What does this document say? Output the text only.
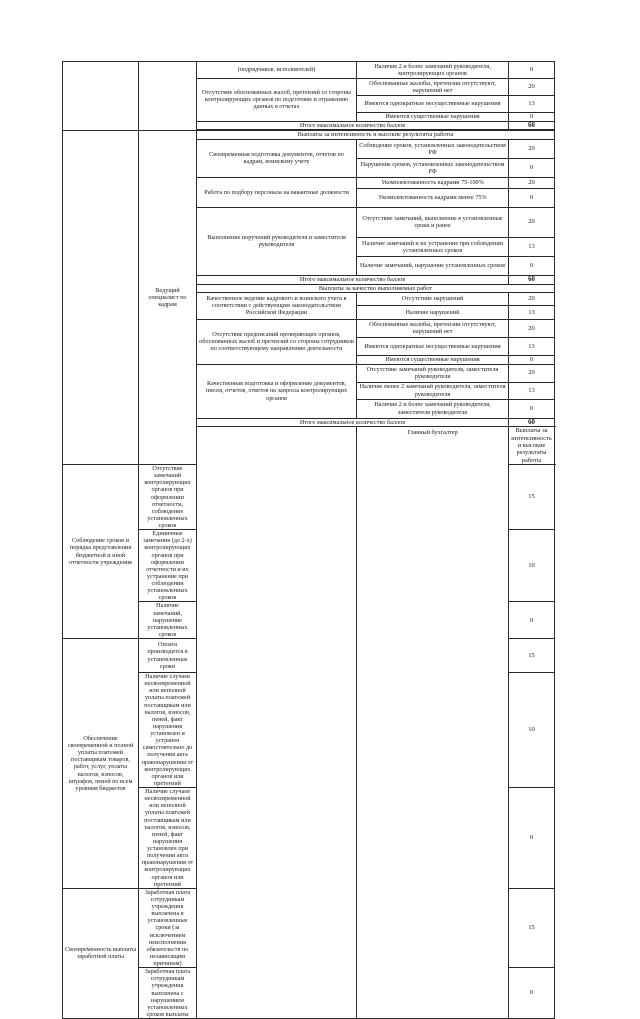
		(подрядчиков, исполнителей)	Наличие 2 и более замечаний руководителя, контролирующих органов	0
		Отсутствие обоснованных жалоб, претензий со стороны контролирующих органов по подготовке и отражению данных в отчетах	Обоснованные жалобы, претензии отсутствуют, нарушений нет	20
			Имеются однократные несущественные нарушения	13
			Имеются существенные нарушения	0
		Итого максимальное количество баллов		60

	Ведущий специалист по кадрам	Выплаты за интенсивность и высокие результаты работы		
		Своевременная подготовка документов, отчетов по кадрам, воинскому учету	Соблюдение сроков, установленных законодательством РФ	20
			Нарушение сроков, установленных законодательством РФ	0
		Работа по подбору персонала на вакантные должности	Укомплектованность кадрами 75-100%	20
			Укомплектованность кадрами менее 75%	0
		Выполнение поручений руководителя и заместителя руководителя	Отсутствие замечаний, выполнение в установленные сроки и ранее	20
			Наличие замечаний и их устранение при соблюдении установленных сроков	13
			Наличие замечаний, нарушение установленных сроков	0
		Итого максимальное количество баллов		60
		Выплаты за качество выполняемых работ		
		Качественное ведение кадрового и воинского учета в соответствии с действующим законодательством Российской Федерации	Отсутствие нарушений	20
			Наличие нарушений	13
		Отсутствие предписаний проверяющих органов, обоснованных жалоб и претензий со стороны сотрудников по соответствующему направлению деятельности	Обоснованные жалобы, претензии отсутствуют, нарушений нет	20
			Имеются однократные несущественные нарушения	13
			Имеются существенные нарушения	0
		Качественная подготовка и оформление документов, писем, отчетов, ответов на запросы контролирующих органов	Отсутствие замечаний руководителя, заместителя руководителя	20
			Наличие менее 2 замечаний руководителя, заместителя руководителя	13
			Наличие 2 и более замечаний руководителя, заместителя руководителя	0
		Итого максимальное количество баллов		60
			Главный бухгалтер	Выплаты за интенсивность и высокие результаты работы
Соблюдение сроков и порядка представления бюджетной и иной отчетности учреждения	Отсутствие замечаний контролирующих органов при оформлении отчетности, соблюдение установленных сроков			15
	Единичные замечания (до 2-х) контролирующих органов при оформлении отчетности и их устранение при соблюдении установленных сроков			10
	Наличие замечаний, нарушение установленных сроков			0
Обеспечение своевременной и полной уплаты платежей поставщикам товаров, работ, услуг, уплаты налогов, взносов, штрафов, пеней по всем уровням бюджетов	Оплата производится в установленные сроки			15
	Наличие случаев несвоевременной или неполной уплаты платежей поставщикам или налогов, взносов, пеней, факт нарушения установлен и устранен самостоятельно до получения акта правонарушения от контролирующих органов или претензий			10
	Наличие случаев несвоевременной или неполной уплаты платежей поставщикам или налогов, взносов, пеней, факт нарушения установлен при получении акта правонарушения от контролирующих органов или претензий			0
Своевременность выплаты заработной платы	Заработная плата сотрудникам учреждения выплачена в установленные сроки (за исключением неисполнения обязательств по независящим причинам)			15
	Заработная плата сотрудникам учреждения выплачена с нарушением установленных сроков выплаты			0
